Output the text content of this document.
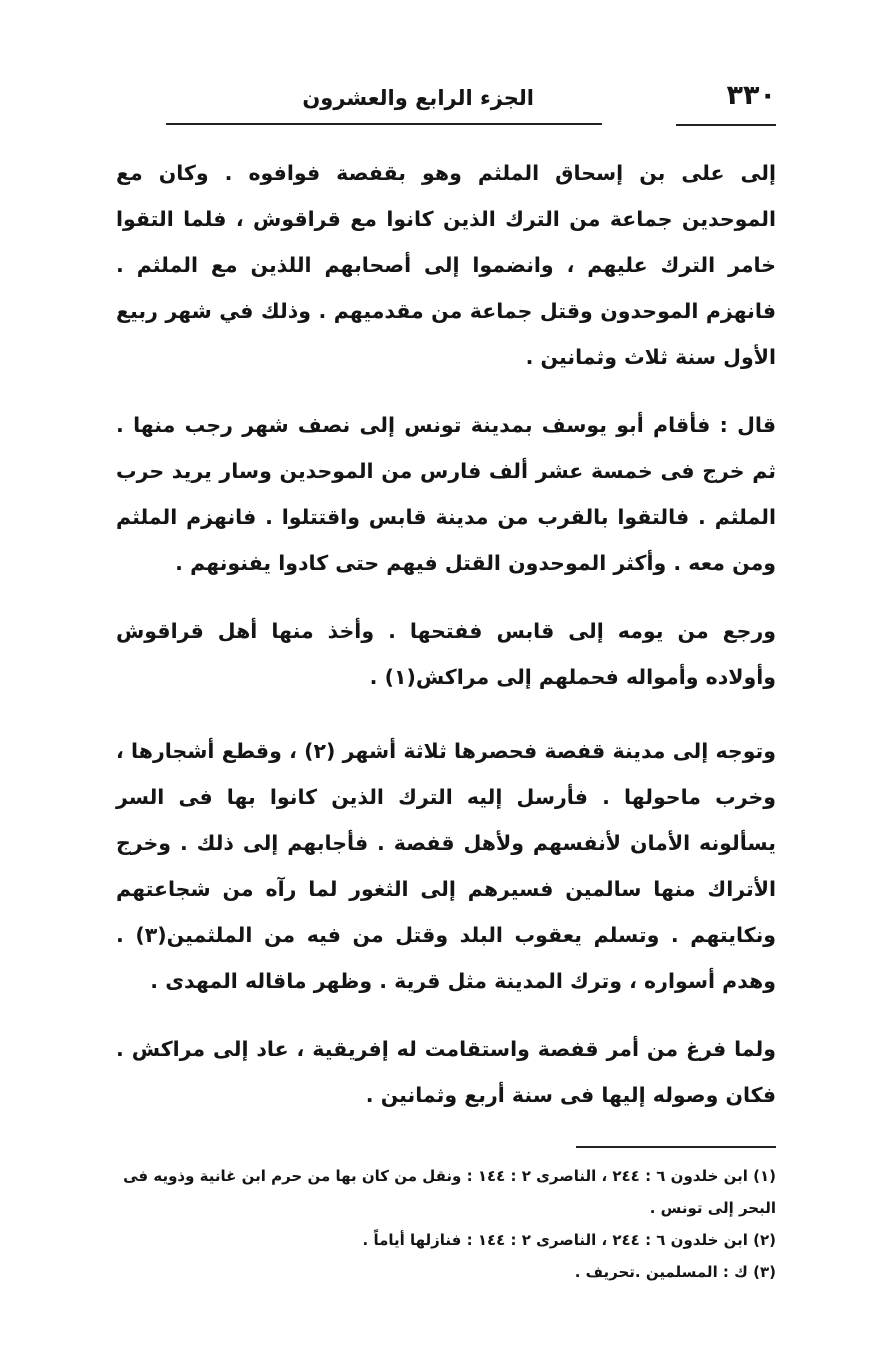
٣٣٠
الجزء الرابع والعشرون

إلى على بن إسحاق الملثم وهو بقفصة فوافوه . وكان مع الموحدين جماعة من الترك الذين كانوا مع قراقوش ، فلما التقوا خامر الترك عليهم ، وانضموا إلى أصحابهم اللذين مع الملثم . فانهزم الموحدون وقتل جماعة من مقدميهم . وذلك في شهر ربيع الأول سنة ثلاث وثمانين .

قال : فأقام أبو يوسف بمدينة تونس إلى نصف شهر رجب منها . ثم خرج فى خمسة عشر ألف فارس من الموحدين وسار يريد حرب الملثم . فالتقوا بالقرب من مدينة قابس واقتتلوا . فانهزم الملثم ومن معه . وأكثر الموحدون القتل فيهم حتى كادوا يفنونهم .

ورجع من يومه إلى قابس ففتحها . وأخذ منها أهل قراقوش وأولاده وأمواله فحملهم إلى مراكش(١) .

وتوجه إلى مدينة قفصة فحصرها ثلاثة أشهر (٢) ، وقطع أشجارها ، وخرب ماحولها . فأرسل إليه الترك الذين كانوا بها فى السر يسألونه الأمان لأنفسهم ولأهل قفصة . فأجابهم إلى ذلك . وخرج الأتراك منها سالمين فسيرهم إلى الثغور لما رآه من شجاعتهم ونكايتهم . وتسلم يعقوب البلد وقتل من فيه من الملثمين(٣) . وهدم أسواره ، وترك المدينة مثل قرية . وظهر ماقاله المهدى .

ولما فرغ من أمر قفصة واستقامت له إفريقية ، عاد إلى مراكش . فكان وصوله إليها فى سنة أربع وثمانين .

(١) ابن خلدون ٦ : ٢٤٤ ، الناصرى ٢ : ١٤٤ : ونقل من كان بها من حرم ابن غانية وذويه فى البحر إلى تونس .

(٢) ابن خلدون ٦ : ٢٤٤ ، الناصرى ٢ : ١٤٤ : فنازلها أياماً .

(٣) ك : المسلمين .تحريف .
